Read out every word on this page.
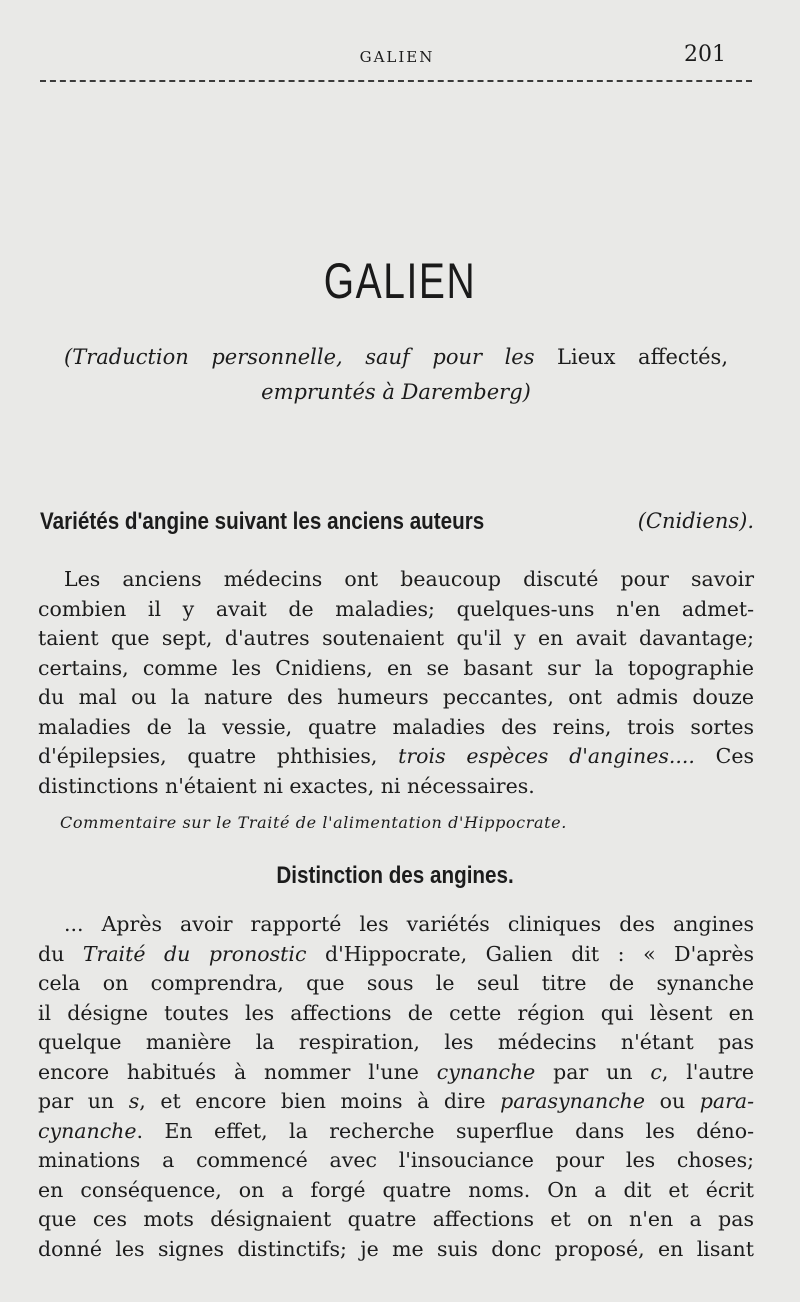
GALIEN	201
GALIEN
(Traduction personnelle, sauf pour les Lieux affectés,
empruntés à Daremberg)
Variétés d'angine suivant les anciens auteurs	(Cnidiens).
Les anciens médecins ont beaucoup discuté pour savoir
combien il y avait de maladies; quelques-uns n'en admet-
taient que sept, d'autres soutenaient qu'il y en avait davantage;
certains, comme les Cnidiens, en se basant sur la topographie
du mal ou la nature des humeurs peccantes, ont admis douze
maladies de la vessie, quatre maladies des reins, trois sortes
d'épilepsies, quatre phthisies, trois espèces d'angines.... Ces
distinctions n'étaient ni exactes, ni nécessaires.
Commentaire sur le Traité de l'alimentation d'Hippocrate.
Distinction des angines.
... Après avoir rapporté les variétés cliniques des angines
du Traité du pronostic d'Hippocrate, Galien dit : « D'après
cela on comprendra, que sous le seul titre de synanche
il désigne toutes les affections de cette région qui lèsent en
quelque manière la respiration, les médecins n'étant pas
encore habitués à nommer l'une cynanche par un c, l'autre
par un s, et encore bien moins à dire parasynanche ou para-
cynanche. En effet, la recherche superflue dans les déno-
minations a commencé avec l'insouciance pour les choses;
en conséquence, on a forgé quatre noms. On a dit et écrit
que ces mots désignaient quatre affections et on n'en a pas
donné les signes distinctifs; je me suis donc proposé, en lisant
